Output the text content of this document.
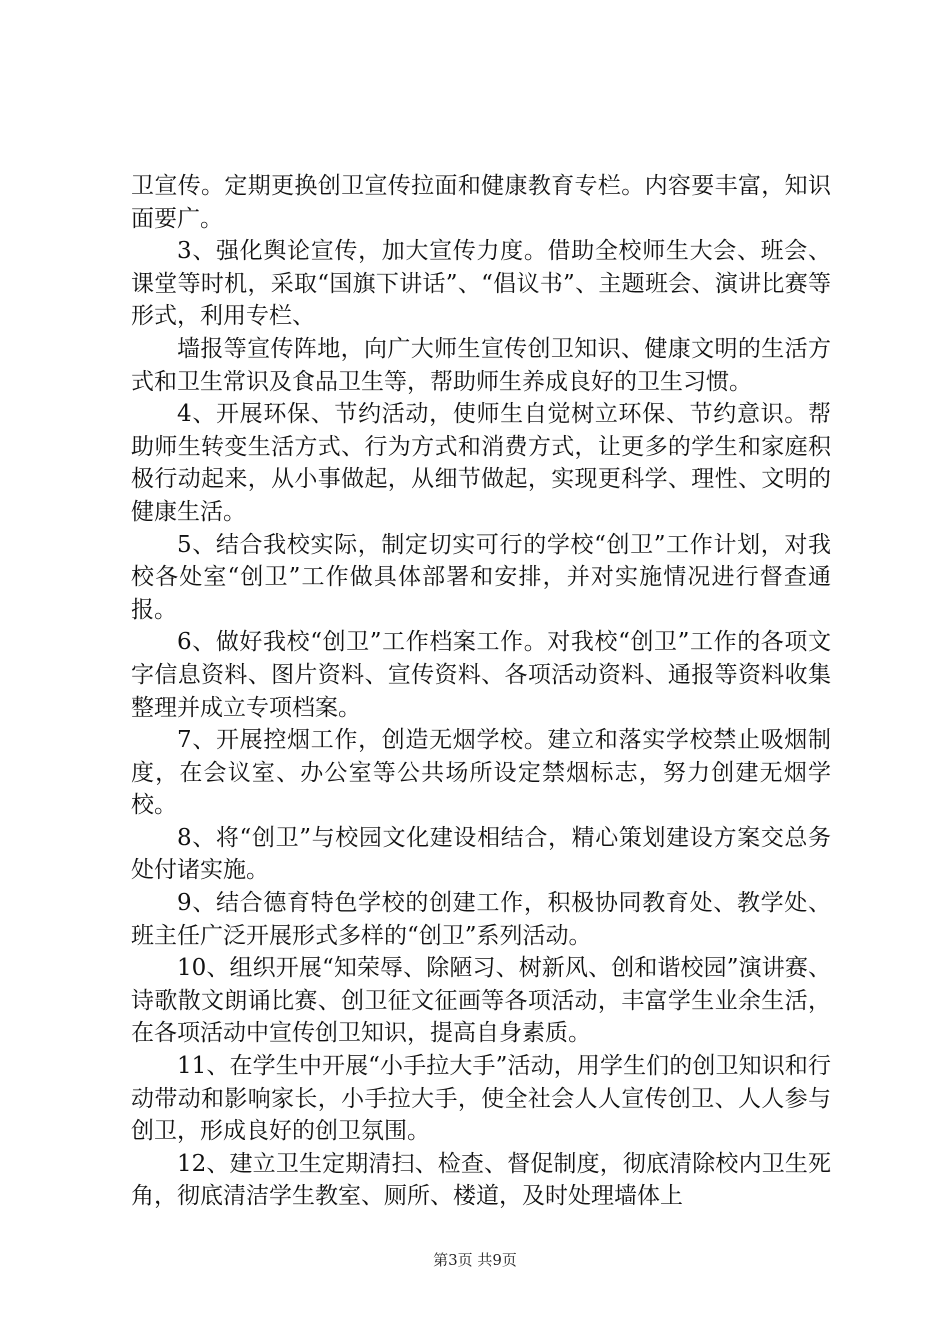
卫宣传。定期更换创卫宣传拉面和健康教育专栏。内容要丰富，知识面要广。

3、强化舆论宣传，加大宣传力度。借助全校师生大会、班会、课堂等时机，采取“国旗下讲话”、“倡议书”、主题班会、演讲比赛等形式，利用专栏、

墙报等宣传阵地，向广大师生宣传创卫知识、健康文明的生活方式和卫生常识及食品卫生等，帮助师生养成良好的卫生习惯。

4、开展环保、节约活动，使师生自觉树立环保、节约意识。帮助师生转变生活方式、行为方式和消费方式，让更多的学生和家庭积极行动起来，从小事做起，从细节做起，实现更科学、理性、文明的健康生活。

5、结合我校实际，制定切实可行的学校“创卫”工作计划，对我校各处室“创卫”工作做具体部署和安排，并对实施情况进行督查通报。

6、做好我校“创卫”工作档案工作。对我校“创卫”工作的各项文字信息资料、图片资料、宣传资料、各项活动资料、通报等资料收集整理并成立专项档案。

7、开展控烟工作，创造无烟学校。建立和落实学校禁止吸烟制度，在会议室、办公室等公共场所设定禁烟标志，努力创建无烟学校。

8、将“创卫”与校园文化建设相结合，精心策划建设方案交总务处付诸实施。

9、结合德育特色学校的创建工作，积极协同教育处、教学处、班主任广泛开展形式多样的“创卫”系列活动。

10、组织开展“知荣辱、除陋习、树新风、创和谐校园”演讲赛、诗歌散文朗诵比赛、创卫征文征画等各项活动，丰富学生业余生活，在各项活动中宣传创卫知识，提高自身素质。

11、在学生中开展“小手拉大手”活动，用学生们的创卫知识和行动带动和影响家长，小手拉大手，使全社会人人宣传创卫、人人参与创卫，形成良好的创卫氛围。

12、建立卫生定期清扫、检查、督促制度，彻底清除校内卫生死角，彻底清洁学生教室、厕所、楼道，及时处理墙体上

第3页 共9页
